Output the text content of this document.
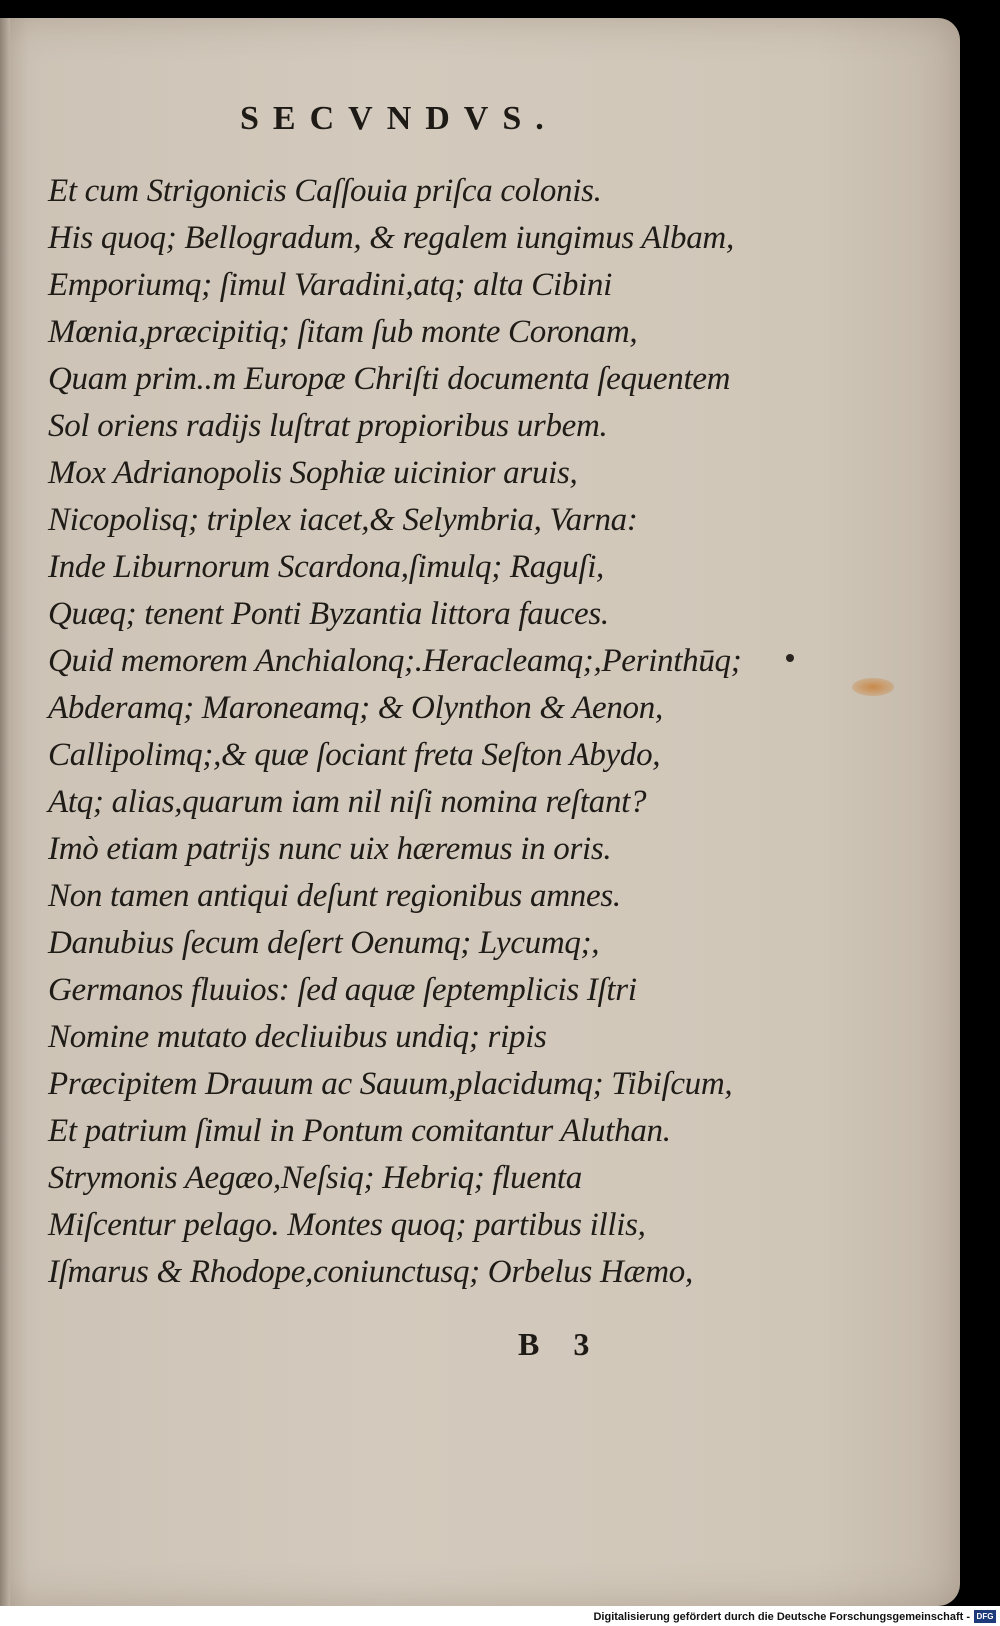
SECVNDVS.
Et cum Strigonicis Caſſouia priſca colonis.
His quoq; Bellogradum, & regalem iungimus Albam,
Emporiumq; ſimul Varadini,atq; alta Cibini
Mœnia,præcipitiq; ſitam ſub monte Coronam,
Quam prim..m Europæ Chriſti documenta ſequentem
Sol oriens radijs luſtrat propioribus urbem.
Mox Adrianopolis Sophiæ uicinior aruis,
Nicopolisq; triplex iacet,& Selymbria, Varna:
Inde Liburnorum Scardona,ſimulq; Raguſi,
Quæq; tenent Ponti Byzantia littora fauces.
Quid memorem Anchialonq;.Heracleamq;,Perinthūq;
Abderamq; Maroneamq; & Olynthon & Aenon,
Callipolimq;,& quæ ſociant freta Seſton Abydo,
Atq; alias,quarum iam nil niſi nomina reſtant?
Imò etiam patrijs nunc uix hæremus in oris.
Non tamen antiqui deſunt regionibus amnes.
Danubius ſecum deſert Oenumq; Lycumq;,
Germanos fluuios: ſed aquæ ſeptemplicis Iſtri
Nomine mutato decliuibus undiq; ripis
Præcipitem Drauum ac Sauum,placidumq; Tibiſcum,
Et patrium ſimul in Pontum comitantur Aluthan.
Strymonis Aegæo,Neſsiq; Hebriq; fluenta
Miſcentur pelago. Montes quoq; partibus illis,
Iſmarus & Rhodope,coniunctusq; Orbelus Hæmo,
B 3
Digitalisierung gefördert durch die Deutsche Forschungsgemeinschaft - DFG
